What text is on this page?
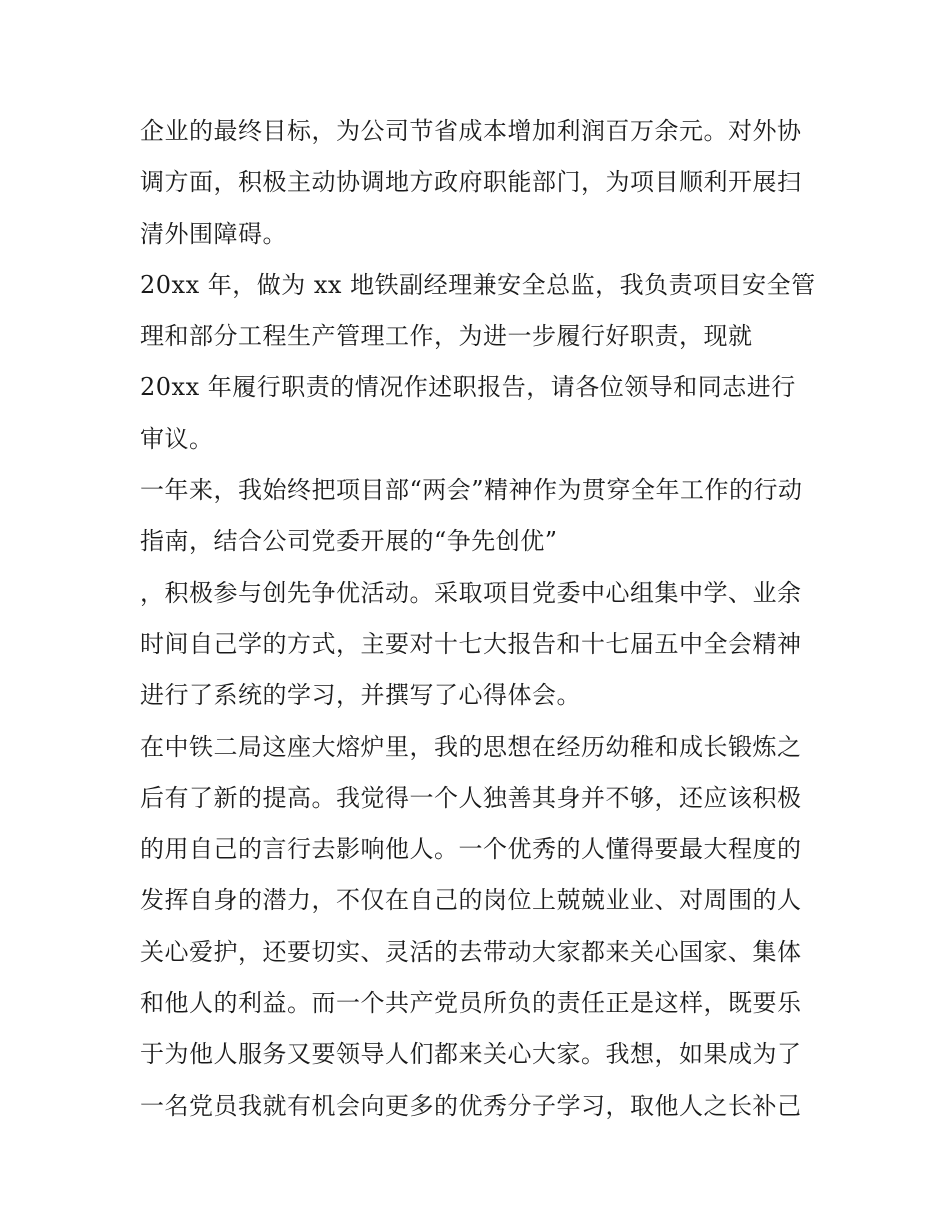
企业的最终目标，为公司节省成本增加利润百万余元。对外协
调方面，积极主动协调地方政府职能部门，为项目顺利开展扫
清外围障碍。
20xx 年，做为 xx 地铁副经理兼安全总监，我负责项目安全管
理和部分工程生产管理工作，为进一步履行好职责，现就
20xx 年履行职责的情况作述职报告，请各位领导和同志进行
审议。
一年来，我始终把项目部“两会”精神作为贯穿全年工作的行动
指南，结合公司党委开展的“争先创优”
，积极参与创先争优活动。采取项目党委中心组集中学、业余
时间自己学的方式，主要对十七大报告和十七届五中全会精神
进行了系统的学习，并撰写了心得体会。
在中铁二局这座大熔炉里，我的思想在经历幼稚和成长锻炼之
后有了新的提高。我觉得一个人独善其身并不够，还应该积极
的用自己的言行去影响他人。一个优秀的人懂得要最大程度的
发挥自身的潜力，不仅在自己的岗位上兢兢业业、对周围的人
关心爱护，还要切实、灵活的去带动大家都来关心国家、集体
和他人的利益。而一个共产党员所负的责任正是这样，既要乐
于为他人服务又要领导人们都来关心大家。我想，如果成为了
一名党员我就有机会向更多的优秀分子学习，取他人之长补己
